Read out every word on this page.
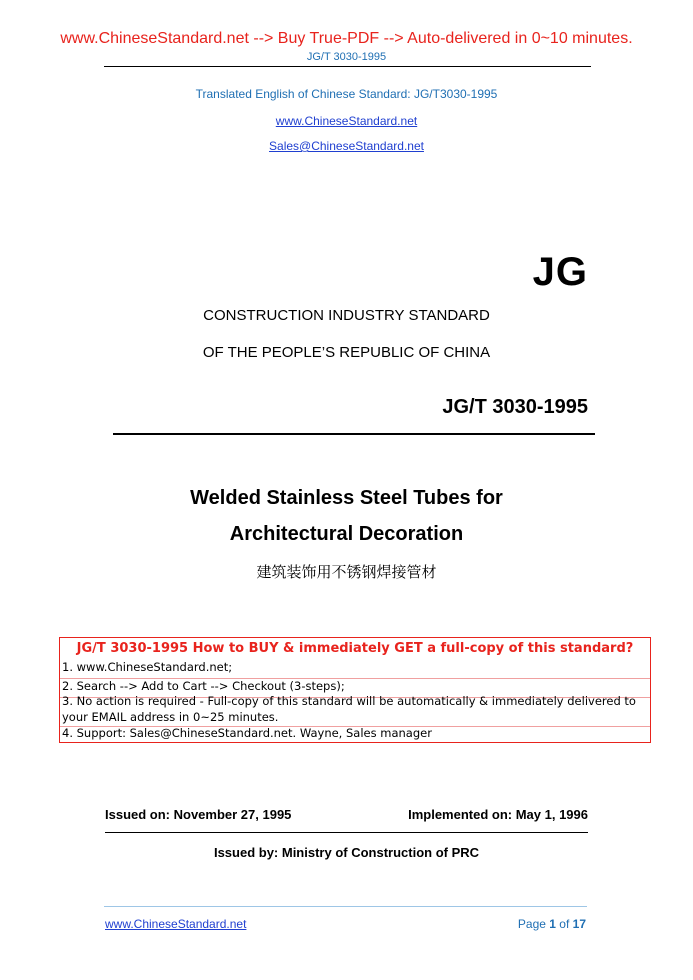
www.ChineseStandard.net --> Buy True-PDF --> Auto-delivered in 0~10 minutes.
JG/T 3030-1995
Translated English of Chinese Standard: JG/T3030-1995
www.ChineseStandard.net
Sales@ChineseStandard.net
JG
CONSTRUCTION INDUSTRY STANDARD
OF THE PEOPLE’S REPUBLIC OF CHINA
JG/T 3030-1995
Welded Stainless Steel Tubes for
Architectural Decoration
建筑装饰用不锈钢焊接管材
JG/T 3030-1995 How to BUY & immediately GET a full-copy of this standard?
1. www.ChineseStandard.net;
2. Search --> Add to Cart --> Checkout (3-steps);
3. No action is required - Full-copy of this standard will be automatically & immediately delivered to
your EMAIL address in 0~25 minutes.
4. Support: Sales@ChineseStandard.net. Wayne, Sales manager
Issued on: November 27, 1995	Implemented on: May 1, 1996
Issued by: Ministry of Construction of PRC
www.ChineseStandard.net	Page 1 of 17
